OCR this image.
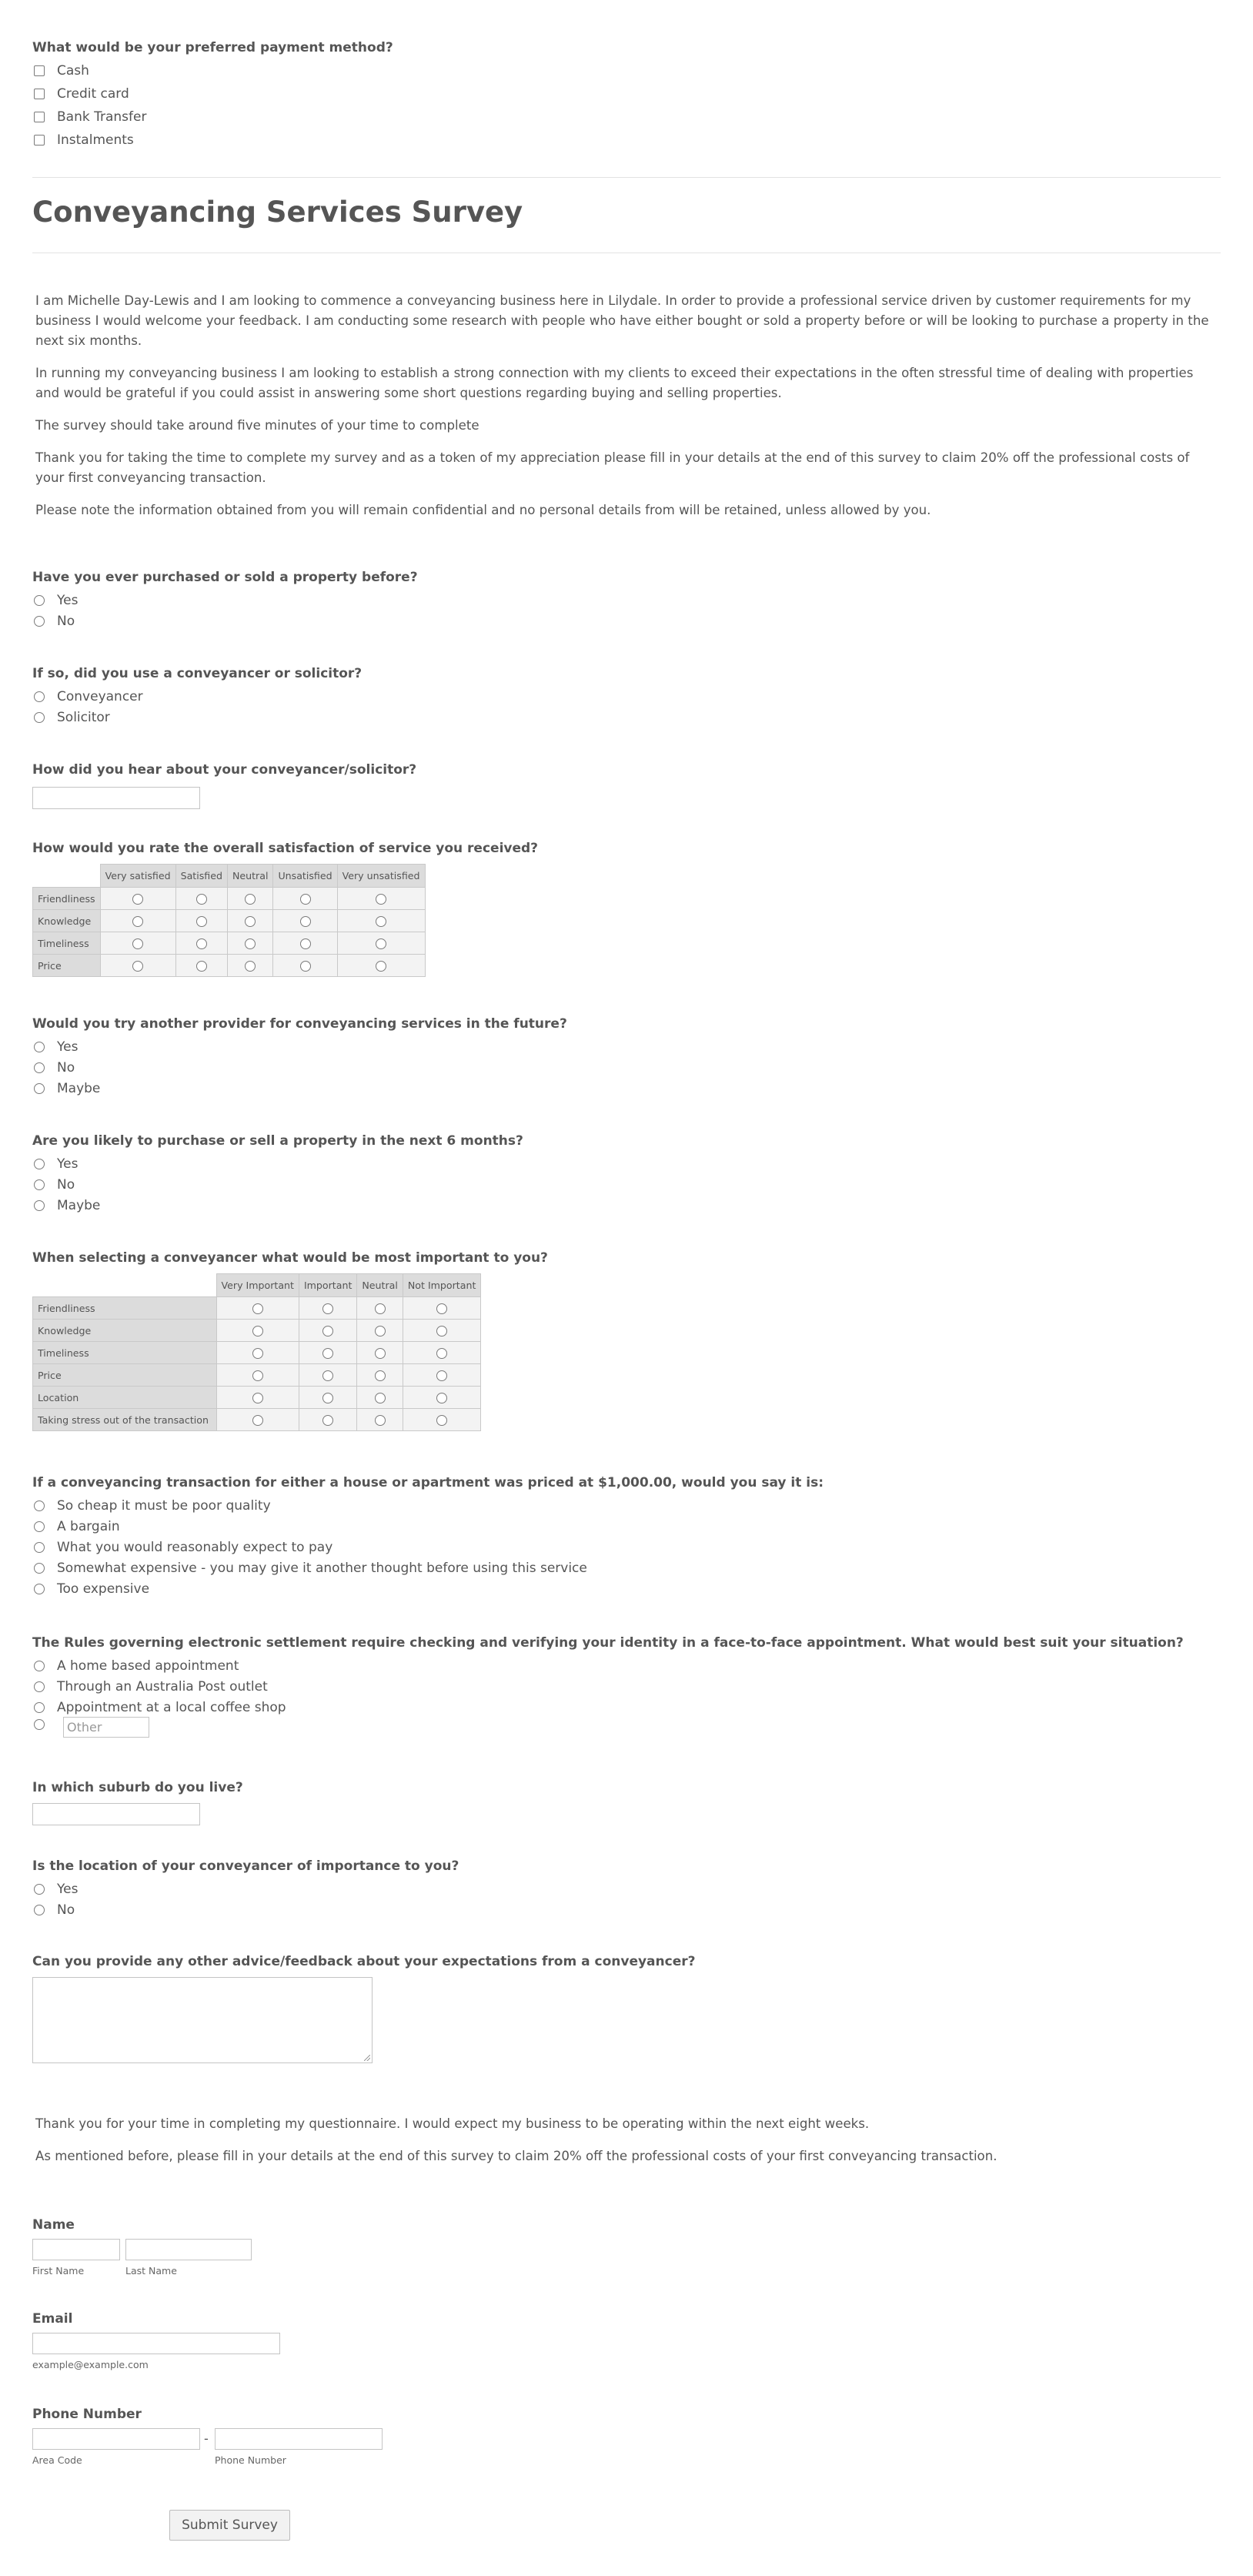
What would be your preferred payment method?
Cash
Credit card
Bank Transfer
Instalments
Conveyancing Services Survey

I am Michelle Day-Lewis and I am looking to commence a conveyancing business here in Lilydale. In order to provide a professional service driven by customer requirements for my business I would welcome your feedback. I am conducting some research with people who have either bought or sold a property before or will be looking to purchase a property in the next six months.

In running my conveyancing business I am looking to establish a strong connection with my clients to exceed their expectations in the often stressful time of dealing with properties and would be grateful if you could assist in answering some short questions regarding buying and selling properties.

The survey should take around five minutes of your time to complete

Thank you for taking the time to complete my survey and as a token of my appreciation please fill in your details at the end of this survey to claim 20% off the professional costs of your first conveyancing transaction.

Please note the information obtained from you will remain confidential and no personal details from will be retained, unless allowed by you.

Have you ever purchased or sold a property before?
Yes
No
If so, did you use a conveyancer or solicitor?
Conveyancer
Solicitor
How did you hear about your conveyancer/solicitor?
How would you rate the overall satisfaction of service you received?
	Very satisfied	Satisfied	Neutral	Unsatisfied	Very unsatisfied
Friendliness					
Knowledge					
Timeliness					
Price					
Would you try another provider for conveyancing services in the future?
Yes
No
Maybe
Are you likely to purchase or sell a property in the next 6 months?
Yes
No
Maybe
When selecting a conveyancer what would be most important to you?
	Very Important	Important	Neutral	Not Important
Friendliness				
Knowledge				
Timeliness				
Price				
Location				
Taking stress out of the transaction				
If a conveyancing transaction for either a house or apartment was priced at $1,000.00, would you say it is:
So cheap it must be poor quality
A bargain
What you would reasonably expect to pay
Somewhat expensive - you may give it another thought before using this service
Too expensive
The Rules governing electronic settlement require checking and verifying your identity in a face-to-face appointment. What would best suit your situation?
A home based appointment
Through an Australia Post outlet
Appointment at a local coffee shop
Other
In which suburb do you live?
Is the location of your conveyancer of importance to you?
Yes
No
Can you provide any other advice/feedback about your expectations from a conveyancer?

Thank you for your time in completing my questionnaire. I would expect my business to be operating within the next eight weeks.

As mentioned before, please fill in your details at the end of this survey to claim 20% off the professional costs of your first conveyancing transaction.

Name
First Name	Last Name
Email
example@example.com
Phone Number
-
Area Code	Phone Number
Submit Survey
